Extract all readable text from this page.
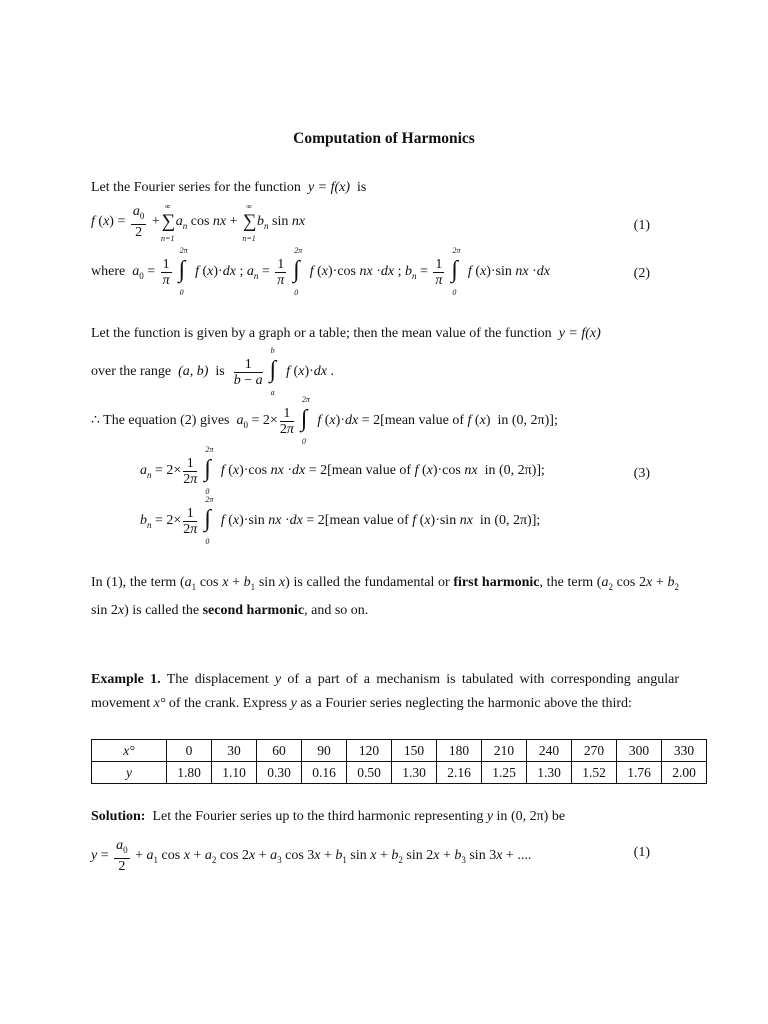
Computation of Harmonics
Let the Fourier series for the function y = f(x) is
f $(x) = \frac{a_0}{2}$ +
∞
∑
n=1
$a_n$ cos nx +
∞
∑
n=1
$b_n$ sin nx	(1)
where $a_0 = \frac{1}{\pi}$
2π
∫
0
f (x)·dx ; $a_n = \frac{1}{\pi}$
2π
∫
0
f (x)·cos nx ·dx ; $b_n = \frac{1}{\pi}$
2π
∫
0
f (x)·sin nx ·dx	(2)
Let the function is given by a graph or a table; then the mean value of the function y = f(x)
over the range (a, b) is $\frac{1}{b - a}$
b
∫
a
f (x)·dx .
∴ The equation (2) gives $a_0 = 2\times \frac{1}{2\pi}$
2π
∫
0
f (x)·dx = 2[mean value of f (x)  in (0, 2π)];
$a_n = 2\times \frac{1}{2\pi}$
2π
∫
0
f (x)·cos nx ·dx = 2[mean value of f (x)·cos nx in (0, 2π)];	(3)
$b_n = 2\times \frac{1}{2\pi}$
2π
∫
0
f (x)·sin nx ·dx = 2[mean value of f (x)·sin nx in (0, 2π)];
In (1), the term ($a_1$ $\cos x + b_1$ sin x) is called the fundamental or first harmonic, the term ($a_2$ $\cos 2x + b_2$ sin 2x) is called the second harmonic, and so on.
Example 1. The displacement y of a part of a mechanism is tabulated with corresponding angular movement x° of the crank. Express y as a Fourier series neglecting the harmonic above the third:
x°	0	30	60	90	120	150	180	210	240	270	300	330
y	1.80	1.10	0.30	0.16	0.50	1.30	2.16	1.25	1.30	1.52	1.76	2.00
Solution: Let the Fourier series up to the third harmonic representing y in (0, 2π) be
$y = \frac{a_0}{2} + a_1$ $\cos x + a_2$ $\cos 2x + a_3$ $\cos 3x + b_1$ $\sin x + b_2$ $\sin 2x + b_3$ sin 3x + ....	(1)
